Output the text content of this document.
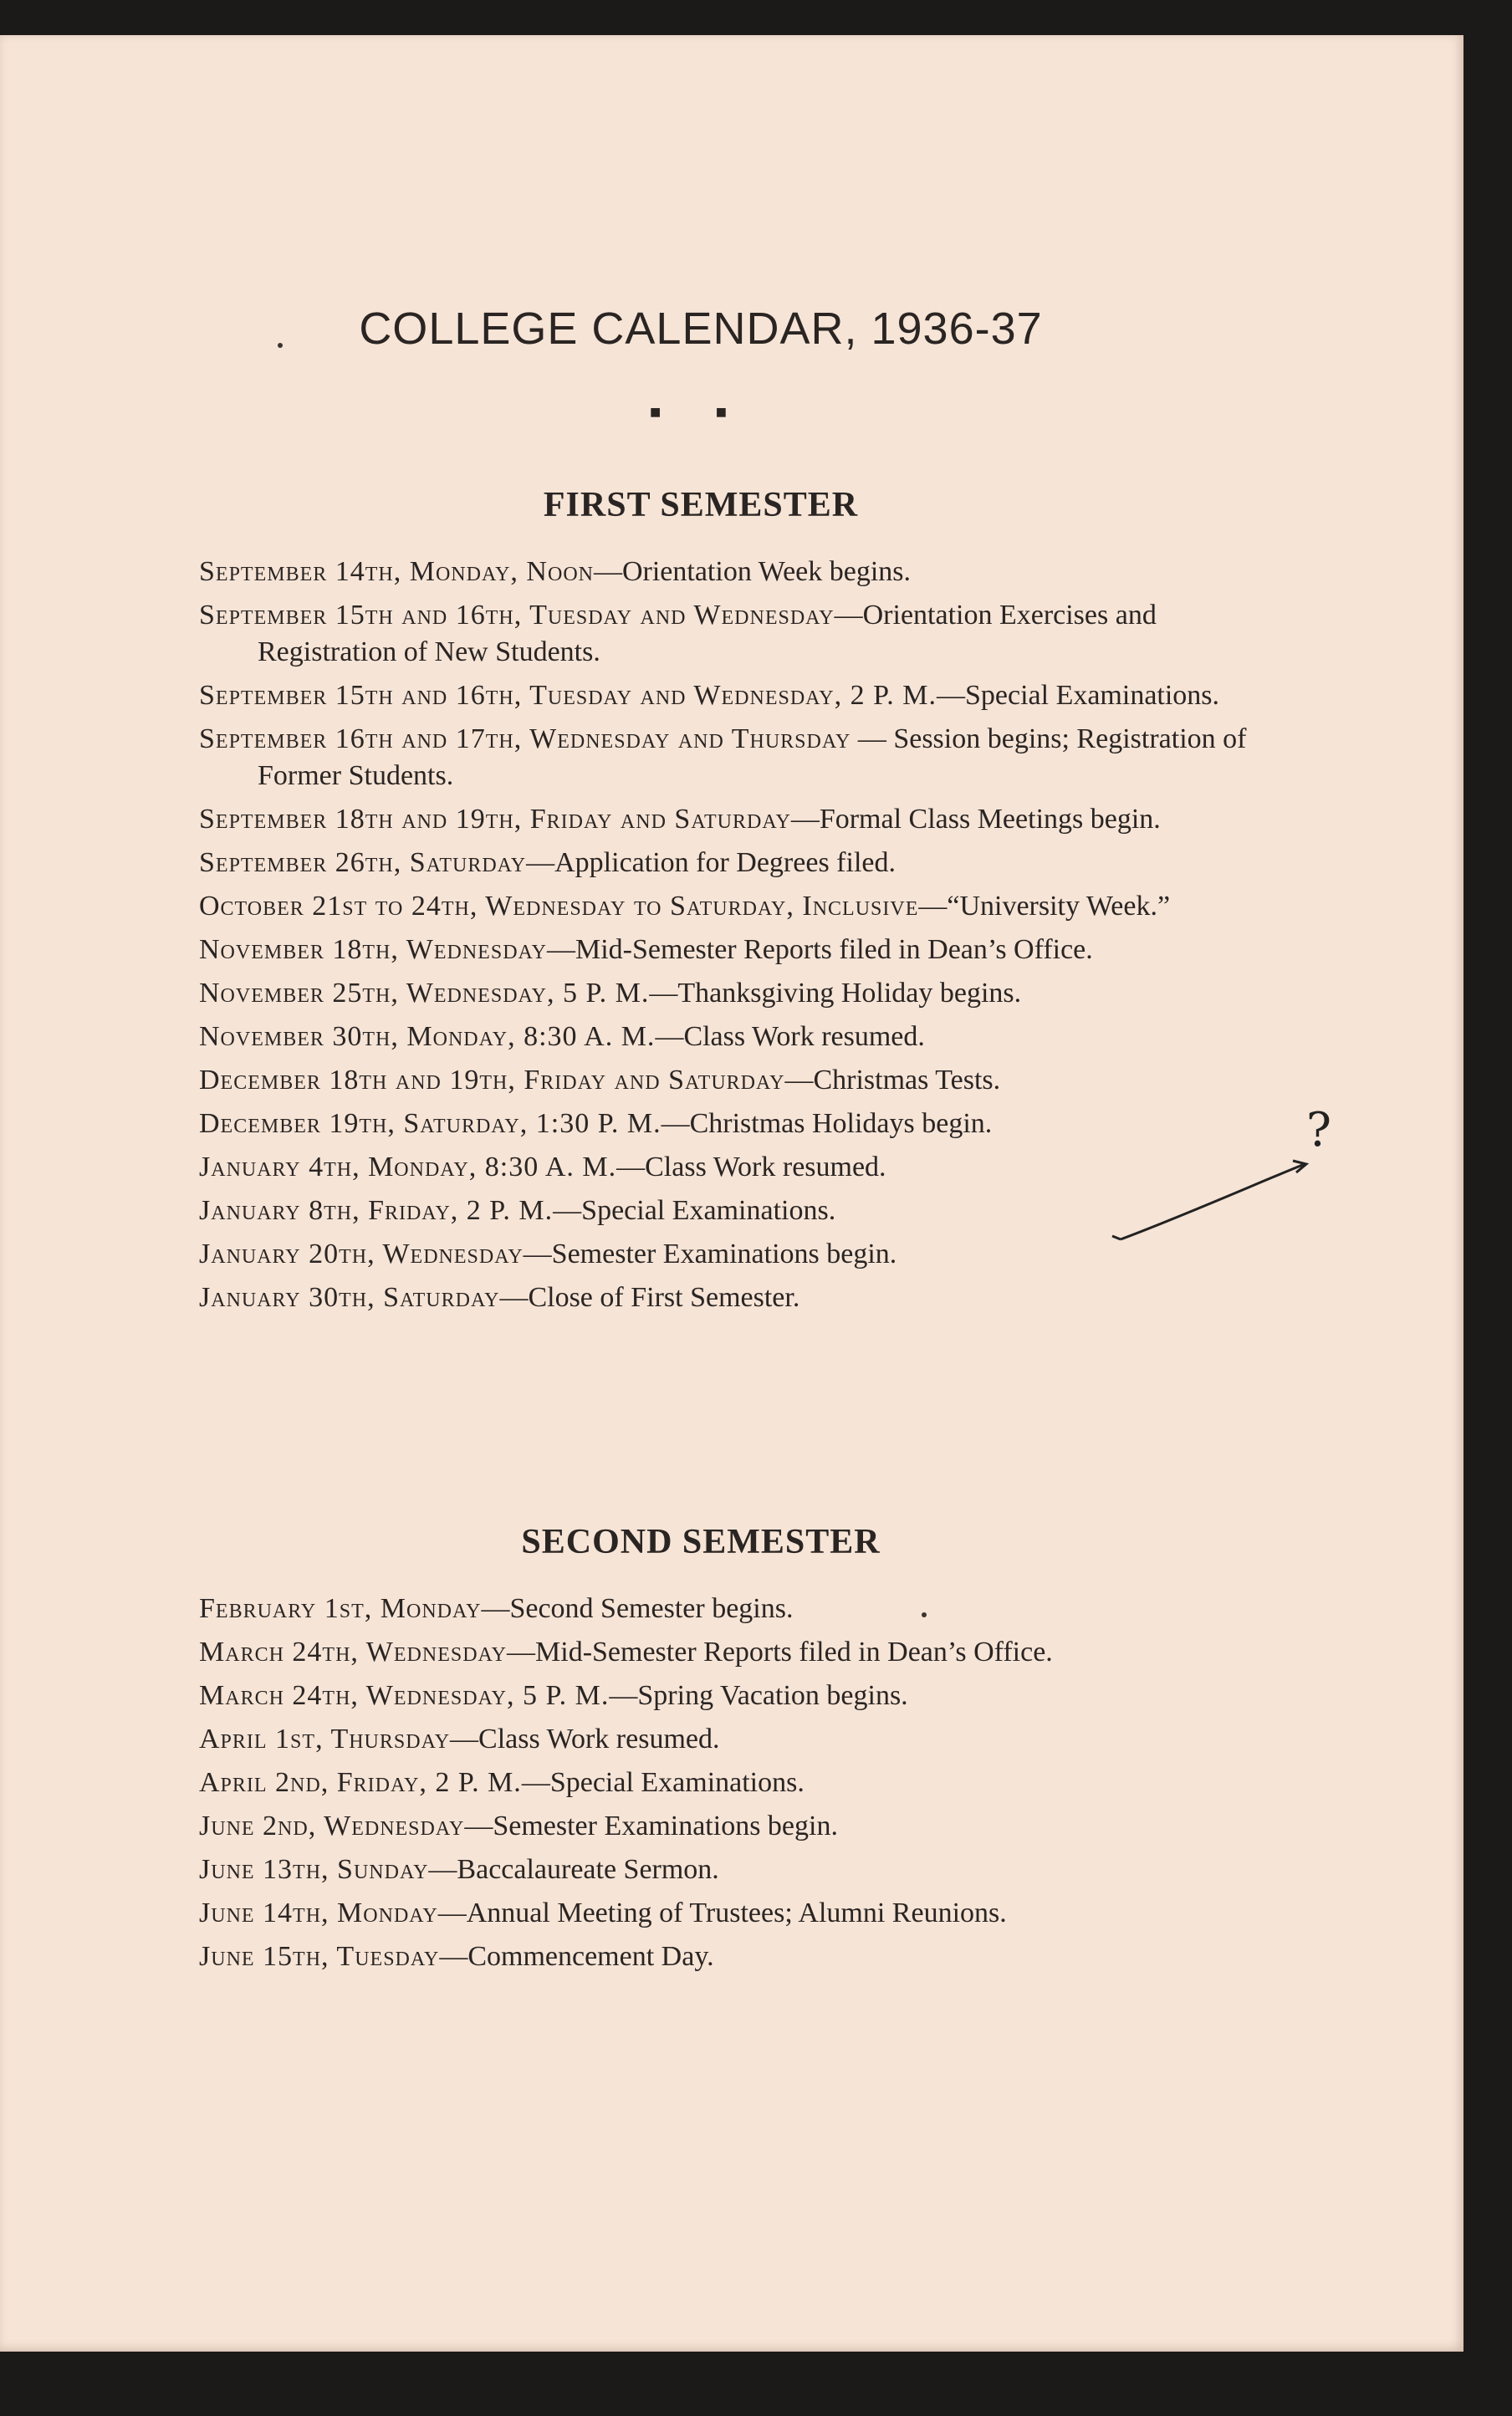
COLLEGE CALENDAR, 1936-37
■ ■
FIRST SEMESTER
September 14th, Monday, Noon—Orientation Week begins.
September 15th and 16th, Tuesday and Wednesday—Orientation Exercises and Registration of New Students.
September 15th and 16th, Tuesday and Wednesday, 2 P. M.—Special Examinations.
September 16th and 17th, Wednesday and Thursday — Session begins; Registration of Former Students.
September 18th and 19th, Friday and Saturday—Formal Class Meetings begin.
September 26th, Saturday—Application for Degrees filed.
October 21st to 24th, Wednesday to Saturday, Inclusive—“University Week.”
November 18th, Wednesday—Mid-Semester Reports filed in Dean’s Office.
November 25th, Wednesday, 5 P. M.—Thanksgiving Holiday begins.
November 30th, Monday, 8:30 A. M.—Class Work resumed.
December 18th and 19th, Friday and Saturday—Christmas Tests.
December 19th, Saturday, 1:30 P. M.—Christmas Holidays begin.
January 4th, Monday, 8:30 A. M.—Class Work resumed.
January 8th, Friday, 2 P. M.—Special Examinations.
January 20th, Wednesday—Semester Examinations begin.
January 30th, Saturday—Close of First Semester.
SECOND SEMESTER
February 1st, Monday—Second Semester begins.
March 24th, Wednesday—Mid-Semester Reports filed in Dean’s Office.
March 24th, Wednesday, 5 P. M.—Spring Vacation begins.
April 1st, Thursday—Class Work resumed.
April 2nd, Friday, 2 P. M.—Special Examinations.
June 2nd, Wednesday—Semester Examinations begin.
June 13th, Sunday—Baccalaureate Sermon.
June 14th, Monday—Annual Meeting of Trustees; Alumni Reunions.
June 15th, Tuesday—Commencement Day.
?
